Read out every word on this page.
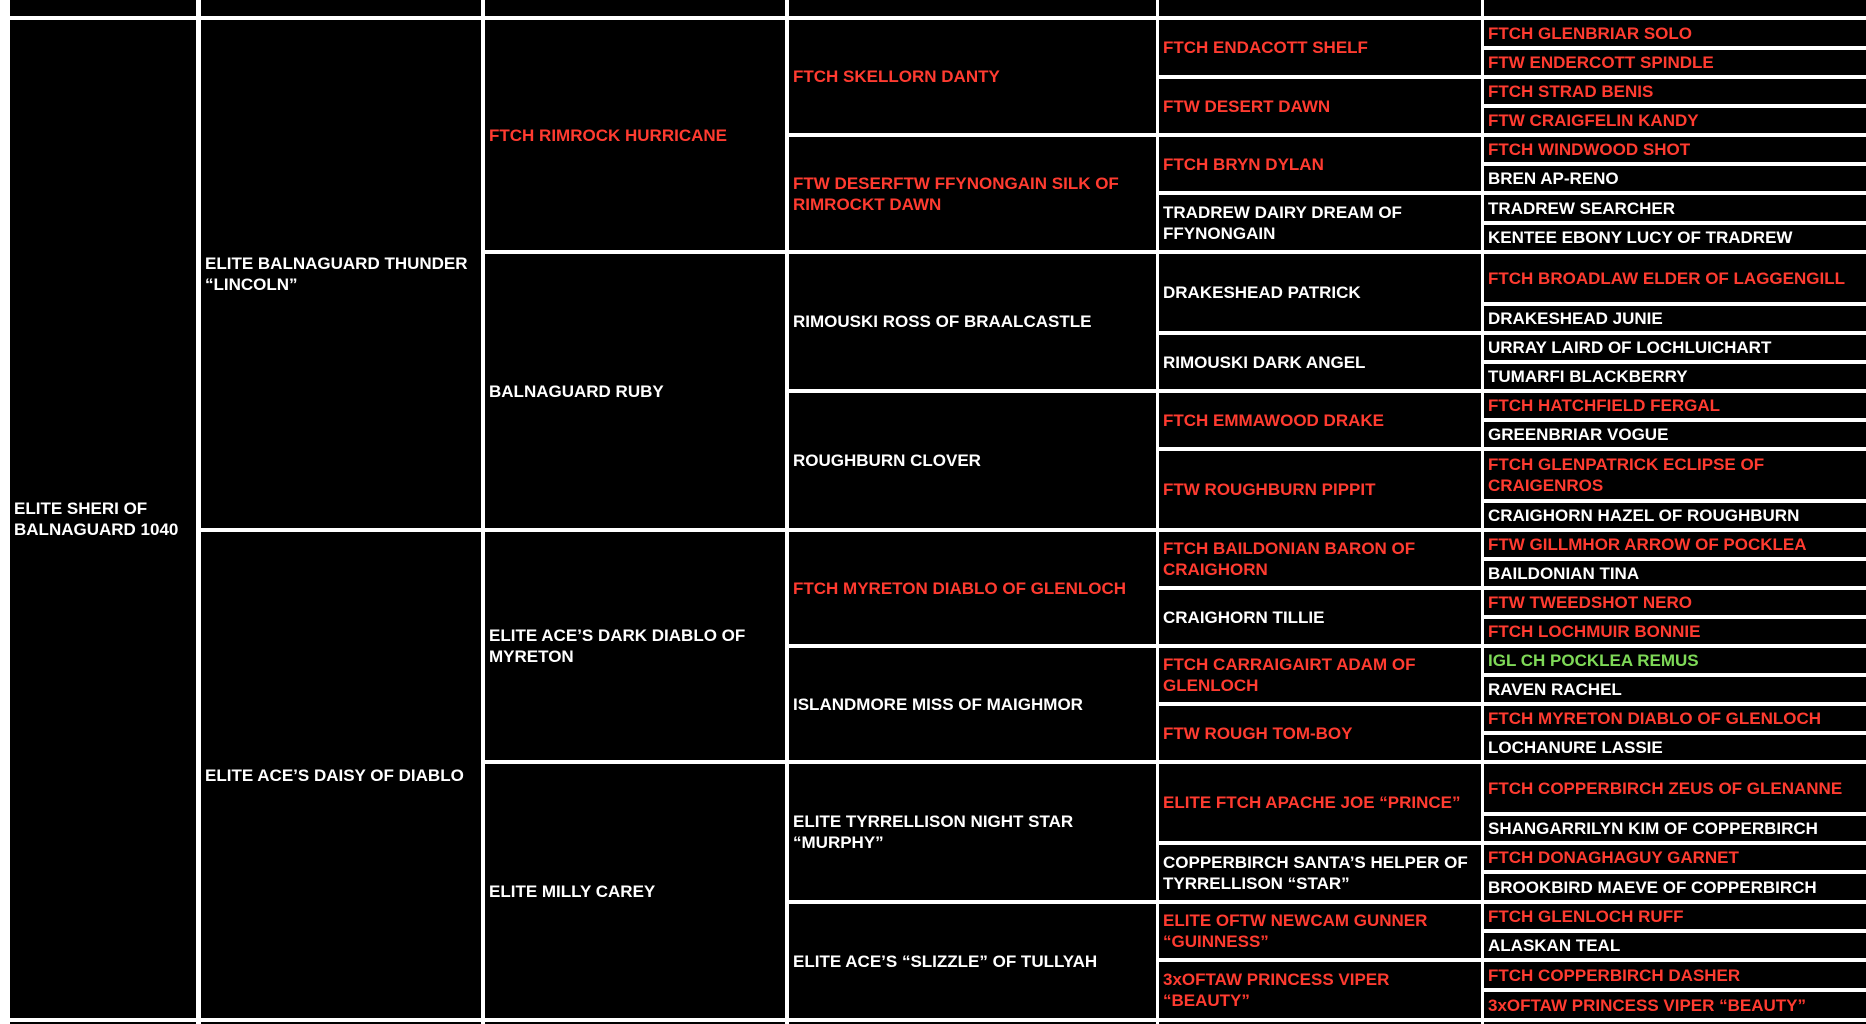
ELITE SHERI OF BALNAGUARD 1040
ELITE BALNAGUARD THUNDER “LINCOLN”
ELITE ACE’S DAISY OF DIABLO
FTCH RIMROCK HURRICANE
BALNAGUARD RUBY
ELITE ACE’S DARK DIABLO OF MYRETON
ELITE MILLY CAREY
FTCH SKELLORN DANTY
FTW DESERFTW FFYNONGAIN SILK OF RIMROCKT DAWN
RIMOUSKI ROSS OF BRAALCASTLE
ROUGHBURN CLOVER
FTCH MYRETON DIABLO OF GLENLOCH
ISLANDMORE MISS OF MAIGHMOR
ELITE TYRRELLISON NIGHT STAR “MURPHY”
ELITE ACE’S “SLIZZLE” OF TULLYAH
FTCH ENDACOTT SHELF
FTW DESERT DAWN
FTCH BRYN DYLAN
TRADREW DAIRY DREAM OF FFYNONGAIN
DRAKESHEAD PATRICK
RIMOUSKI DARK ANGEL
FTCH EMMAWOOD DRAKE
FTW ROUGHBURN PIPPIT
FTCH BAILDONIAN BARON OF CRAIGHORN
CRAIGHORN TILLIE
FTCH CARRAIGAIRT ADAM OF GLENLOCH
FTW ROUGH TOM-BOY
ELITE FTCH APACHE JOE “PRINCE”
COPPERBIRCH SANTA’S HELPER OF TYRRELLISON “STAR”
ELITE OFTW NEWCAM GUNNER “GUINNESS”
3xOFTAW PRINCESS VIPER “BEAUTY”
FTCH GLENBRIAR SOLO
FTW ENDERCOTT SPINDLE
FTCH STRAD BENIS
FTW CRAIGFELIN KANDY
FTCH WINDWOOD SHOT
BREN AP-RENO
TRADREW SEARCHER
KENTEE EBONY LUCY OF TRADREW
FTCH BROADLAW ELDER OF LAGGENGILL
DRAKESHEAD JUNIE
URRAY LAIRD OF LOCHLUICHART
TUMARFI BLACKBERRY
FTCH HATCHFIELD FERGAL
GREENBRIAR VOGUE
FTCH GLENPATRICK ECLIPSE OF CRAIGENROS
CRAIGHORN HAZEL OF ROUGHBURN
FTW GILLMHOR ARROW OF POCKLEA
BAILDONIAN TINA
FTW TWEEDSHOT NERO
FTCH LOCHMUIR BONNIE
IGL CH POCKLEA REMUS
RAVEN RACHEL
FTCH MYRETON DIABLO OF GLENLOCH
LOCHANURE LASSIE
FTCH COPPERBIRCH ZEUS OF GLENANNE
SHANGARRILYN KIM OF COPPERBIRCH
FTCH DONAGHAGUY GARNET
BROOKBIRD MAEVE OF COPPERBIRCH
FTCH GLENLOCH RUFF
ALASKAN TEAL
FTCH COPPERBIRCH DASHER
3xOFTAW PRINCESS VIPER “BEAUTY”
